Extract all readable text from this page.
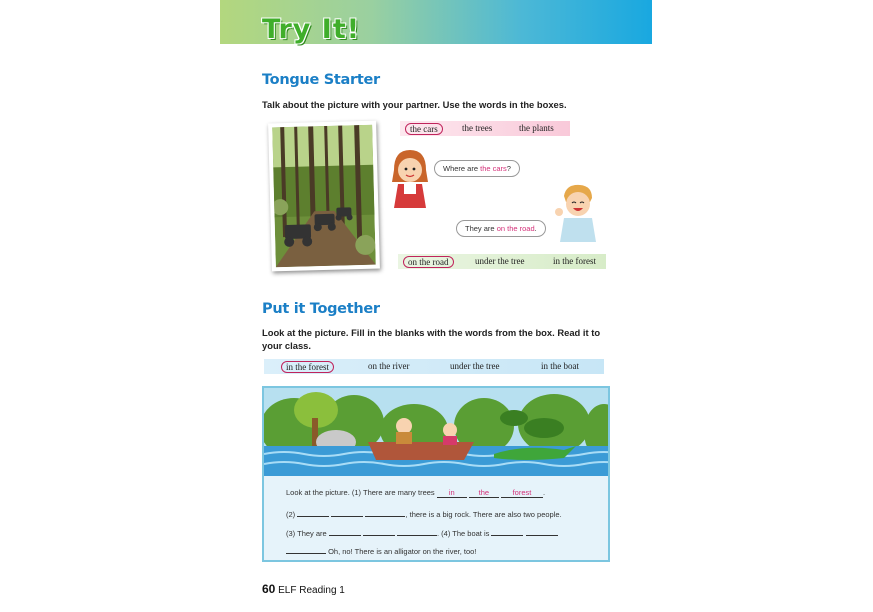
Try It!
Tongue Starter
Talk about the picture with your partner. Use the words in the boxes.
the cars	the trees	the plants
Where are the cars?
They are on the road.
on the road	under the tree	in the forest
Put it Together
Look at the picture. Fill in the blanks with the words from the box. Read it to your class.
in the forest	on the river	under the tree	in the boat
Look at the picture. (1) There are many trees in	the	forest .
(2)	, there is a big rock. There are also two people.
(3) They are	. (4) The boat is
Oh, no! There is an alligator on the river, too!
60 ELF Reading 1
